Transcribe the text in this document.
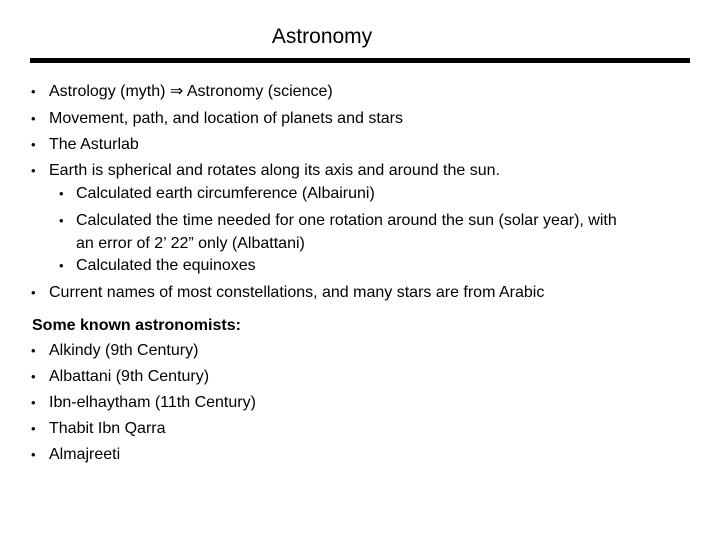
Astronomy
• Astrology (myth) ⇒ Astronomy (science)
• Movement, path, and location of planets and stars
• The Asturlab
• Earth is spherical and rotates along its axis and around the sun.
• Calculated earth circumference (Albairuni)
• Calculated the time needed for one rotation around the sun (solar year), with
an error of 2’ 22” only (Albattani)
• Calculated the equinoxes
• Current names of most constellations, and many stars are from Arabic
Some known astronomists:
• Alkindy (9th Century)
• Albattani (9th Century)
• Ibn-elhaytham (11th Century)
• Thabit Ibn Qarra
• Almajreeti
